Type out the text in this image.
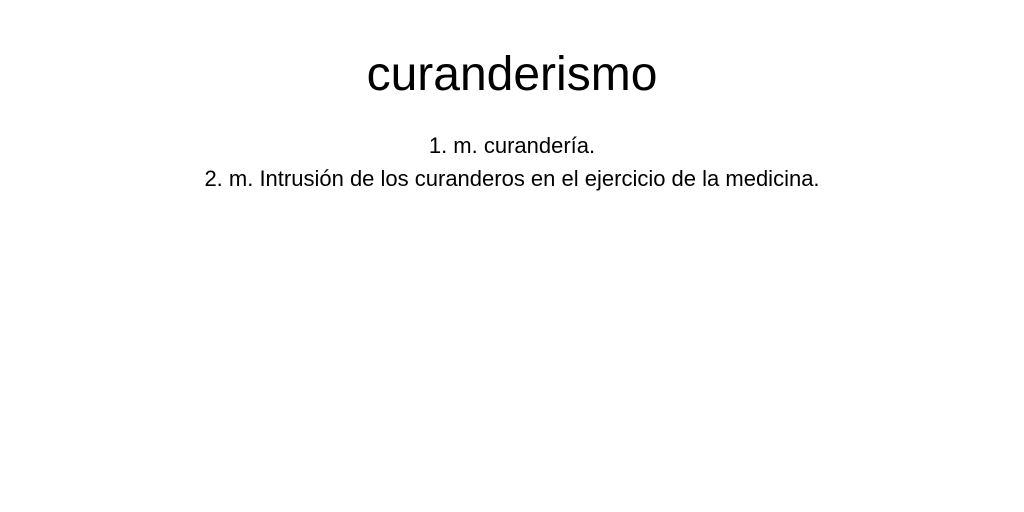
curanderismo
1. m. curandería.
2. m. Intrusión de los curanderos en el ejercicio de la medicina.
